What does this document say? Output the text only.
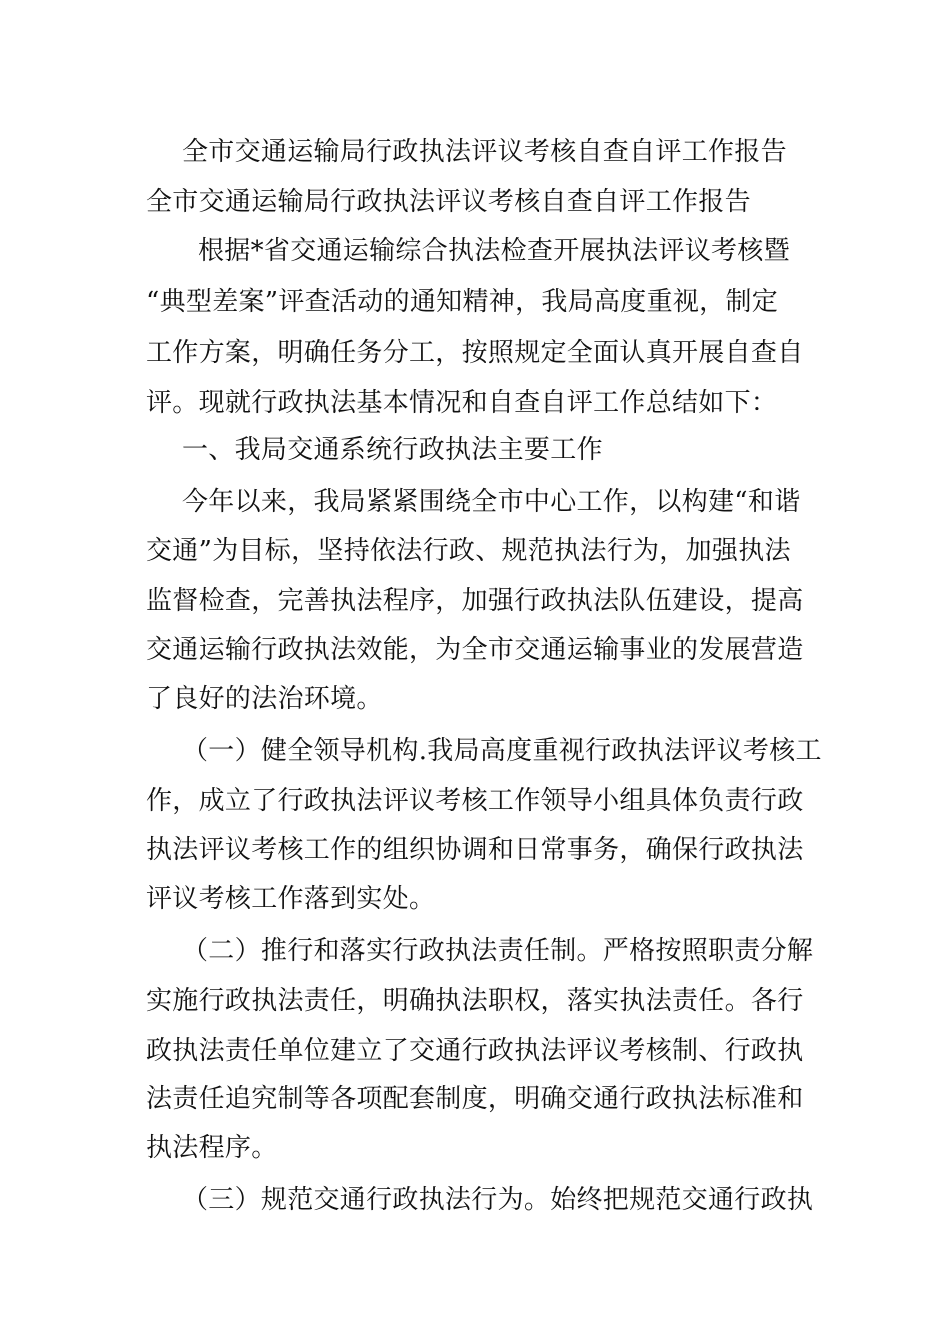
全市交通运输局行政执法评议考核自查自评工作报告
全市交通运输局行政执法评议考核自查自评工作报告
根据*省交通运输综合执法检查开展执法评议考核暨
“典型差案”评查活动的通知精神，我局高度重视，制定
工作方案，明确任务分工，按照规定全面认真开展自查自
评。现就行政执法基本情况和自查自评工作总结如下：
一、我局交通系统行政执法主要工作
今年以来，我局紧紧围绕全市中心工作，以构建“和谐
交通”为目标，坚持依法行政、规范执法行为，加强执法
监督检查，完善执法程序，加强行政执法队伍建设，提高
交通运输行政执法效能，为全市交通运输事业的发展营造
了良好的法治环境。
（一）健全领导机构.我局高度重视行政执法评议考核工
作，成立了行政执法评议考核工作领导小组具体负责行政
执法评议考核工作的组织协调和日常事务，确保行政执法
评议考核工作落到实处。
（二）推行和落实行政执法责任制。严格按照职责分解
实施行政执法责任，明确执法职权，落实执法责任。各行
政执法责任单位建立了交通行政执法评议考核制、行政执
法责任追究制等各项配套制度，明确交通行政执法标准和
执法程序。
（三）规范交通行政执法行为。始终把规范交通行政执
